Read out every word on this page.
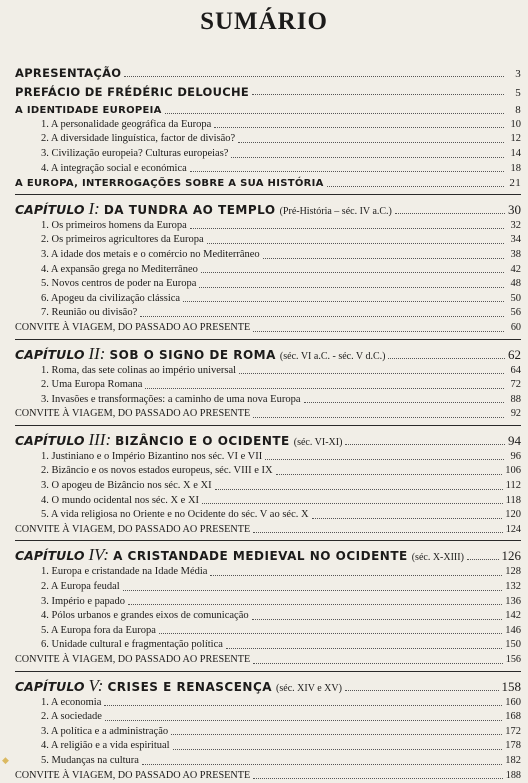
SUMÁRIO
APRESENTAÇÃO	3
PREFÁCIO DE FRÉDÉRIC DELOUCHE	5
A IDENTIDADE EUROPEIA	8
1. A personalidade geográfica da Europa	10
2. A diversidade linguística, factor de divisão?	12
3. Civilização europeia? Culturas europeias?	14
4. A integração social e económica	18
A EUROPA, INTERROGAÇÕES SOBRE A SUA HISTÓRIA	21
CAPÍTULO I: DA TUNDRA AO TEMPLO (Pré-História – séc. IV a.C.)	30
1. Os primeiros homens da Europa	32
2. Os primeiros agricultores da Europa	34
3. A idade dos metais e o comércio no Mediterrâneo	38
4. A expansão grega no Mediterrâneo	42
5. Novos centros de poder na Europa	48
6. Apogeu da civilização clássica	50
7. Reunião ou divisão?	56
CONVITE À VIAGEM, DO PASSADO AO PRESENTE	60
CAPÍTULO II: SOB O SIGNO DE ROMA (séc. VI a.C. - séc. V d.C.)	62
1. Roma, das sete colinas ao império universal	64
2. Uma Europa Romana	72
3. Invasões e transformações: a caminho de uma nova Europa	88
CONVITE À VIAGEM, DO PASSADO AO PRESENTE	92
CAPÍTULO III: BIZÂNCIO E O OCIDENTE (séc. VI-XI)	94
1. Justiniano e o Império Bizantino nos séc. VI e VII	96
2. Bizâncio e os novos estados europeus, séc. VIII e IX	106
3. O apogeu de Bizâncio nos séc. X e XI	112
4. O mundo ocidental nos séc. X e XI	118
5. A vida religiosa no Oriente e no Ocidente do séc. V ao séc. X	120
CONVITE À VIAGEM, DO PASSADO AO PRESENTE	124
CAPÍTULO IV: A CRISTANDADE MEDIEVAL NO OCIDENTE (séc. X-XIII)	126
1. Europa e cristandade na Idade Média	128
2. A Europa feudal	132
3. Império e papado	136
4. Pólos urbanos e grandes eixos de comunicação	142
5. A Europa fora da Europa	146
6. Unidade cultural e fragmentação política	150
CONVITE À VIAGEM, DO PASSADO AO PRESENTE	156
CAPÍTULO V: CRISES E RENASCENÇA (séc. XIV e XV)	158
1. A economia	160
2. A sociedade	168
3. A política e a administração	172
4. A religião e a vida espiritual	178
5. Mudanças na cultura	182
CONVITE À VIAGEM, DO PASSADO AO PRESENTE	188
◆
